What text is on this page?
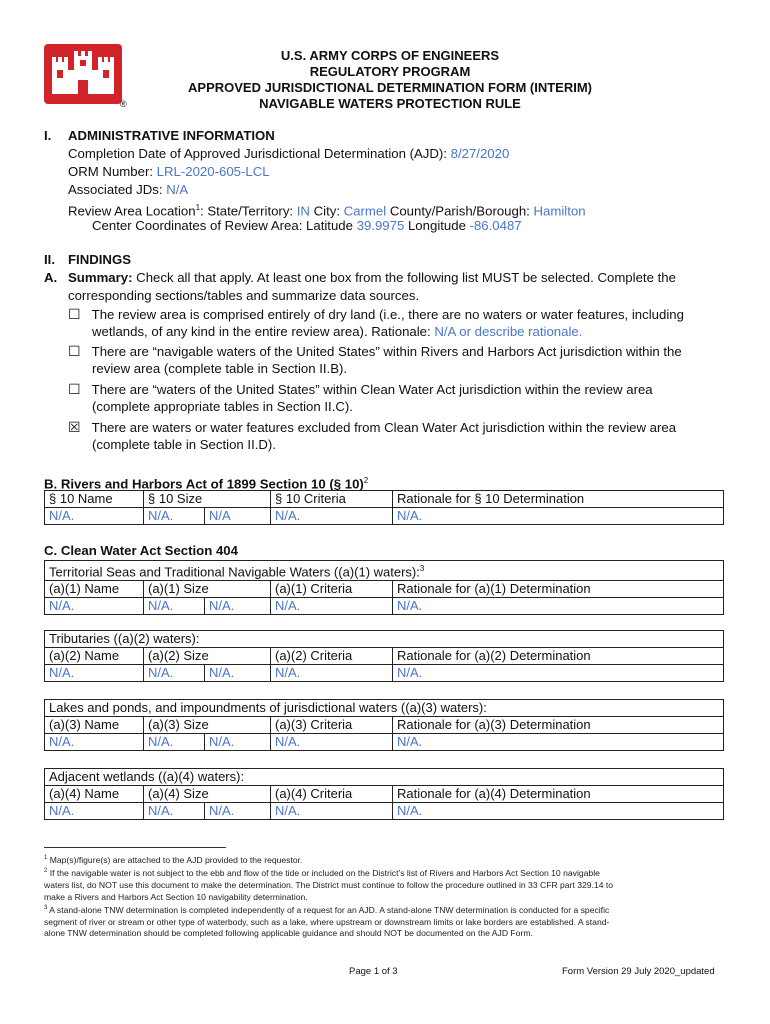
®
U.S. ARMY CORPS OF ENGINEERS
REGULATORY PROGRAM
APPROVED JURISDICTIONAL DETERMINATION FORM (INTERIM)
NAVIGABLE WATERS PROTECTION RULE
I. ADMINISTRATIVE INFORMATION
Completion Date of Approved Jurisdictional Determination (AJD): 8/27/2020
ORM Number: LRL-2020-605-LCL
Associated JDs: N/A
Review Area Location$^1$: State/Territory: IN City: Carmel County/Parish/Borough: Hamilton
Center Coordinates of Review Area: Latitude 39.9975 Longitude -86.0487
II. FINDINGS
A. Summary: Check all that apply. At least one box from the following list MUST be selected. Complete the
corresponding sections/tables and summarize data sources.
☐ The review area is comprised entirely of dry land (i.e., there are no waters or water features, including
wetlands, of any kind in the entire review area). Rationale: N/A or describe rationale.
☐ There are “navigable waters of the United States” within Rivers and Harbors Act jurisdiction within the
review area (complete table in Section II.B).
☐ There are “waters of the United States” within Clean Water Act jurisdiction within the review area
(complete appropriate tables in Section II.C).
☒ There are waters or water features excluded from Clean Water Act jurisdiction within the review area
(complete table in Section II.D).
B. Rivers and Harbors Act of 1899 Section 10 (§ 10)$^2$
§ 10 Name	§ 10 Size		§ 10 Criteria	Rationale for § 10 Determination
N/A.	N/A.	N/A	N/A.	N/A.
C. Clean Water Act Section 404
Territorial Seas and Traditional Navigable Waters ((a)(1) waters):$^3$
(a)(1) Name	(a)(1) Size		(a)(1) Criteria	Rationale for (a)(1) Determination
N/A.	N/A.	N/A.	N/A.	N/A.
Tributaries ((a)(2) waters):				
(a)(2) Name	(a)(2) Size		(a)(2) Criteria	Rationale for (a)(2) Determination
N/A.	N/A.	N/A.	N/A.	N/A.
Lakes and ponds, and impoundments of jurisdictional waters ((a)(3) waters):				
(a)(3) Name	(a)(3) Size		(a)(3) Criteria	Rationale for (a)(3) Determination
N/A.	N/A.	N/A.	N/A.	N/A.
Adjacent wetlands ((a)(4) waters):				
(a)(4) Name	(a)(4) Size		(a)(4) Criteria	Rationale for (a)(4) Determination
N/A.	N/A.	N/A.	N/A.	N/A.
$^1$ Map(s)/figure(s) are attached to the AJD provided to the requestor.
$^2$ If the navigable water is not subject to the ebb and flow of the tide or included on the District’s list of Rivers and Harbors Act Section 10 navigable
waters list, do NOT use this document to make the determination. The District must continue to follow the procedure outlined in 33 CFR part 329.14 to
make a Rivers and Harbors Act Section 10 navigability determination.
$^3$ A stand-alone TNW determination is completed independently of a request for an AJD. A stand-alone TNW determination is conducted for a specific
segment of river or stream or other type of waterbody, such as a lake, where upstream or downstream limits or lake borders are established. A stand-
alone TNW determination should be completed following applicable guidance and should NOT be documented on the AJD Form.
Page 1 of 3	Form Version 29 July 2020_updated
